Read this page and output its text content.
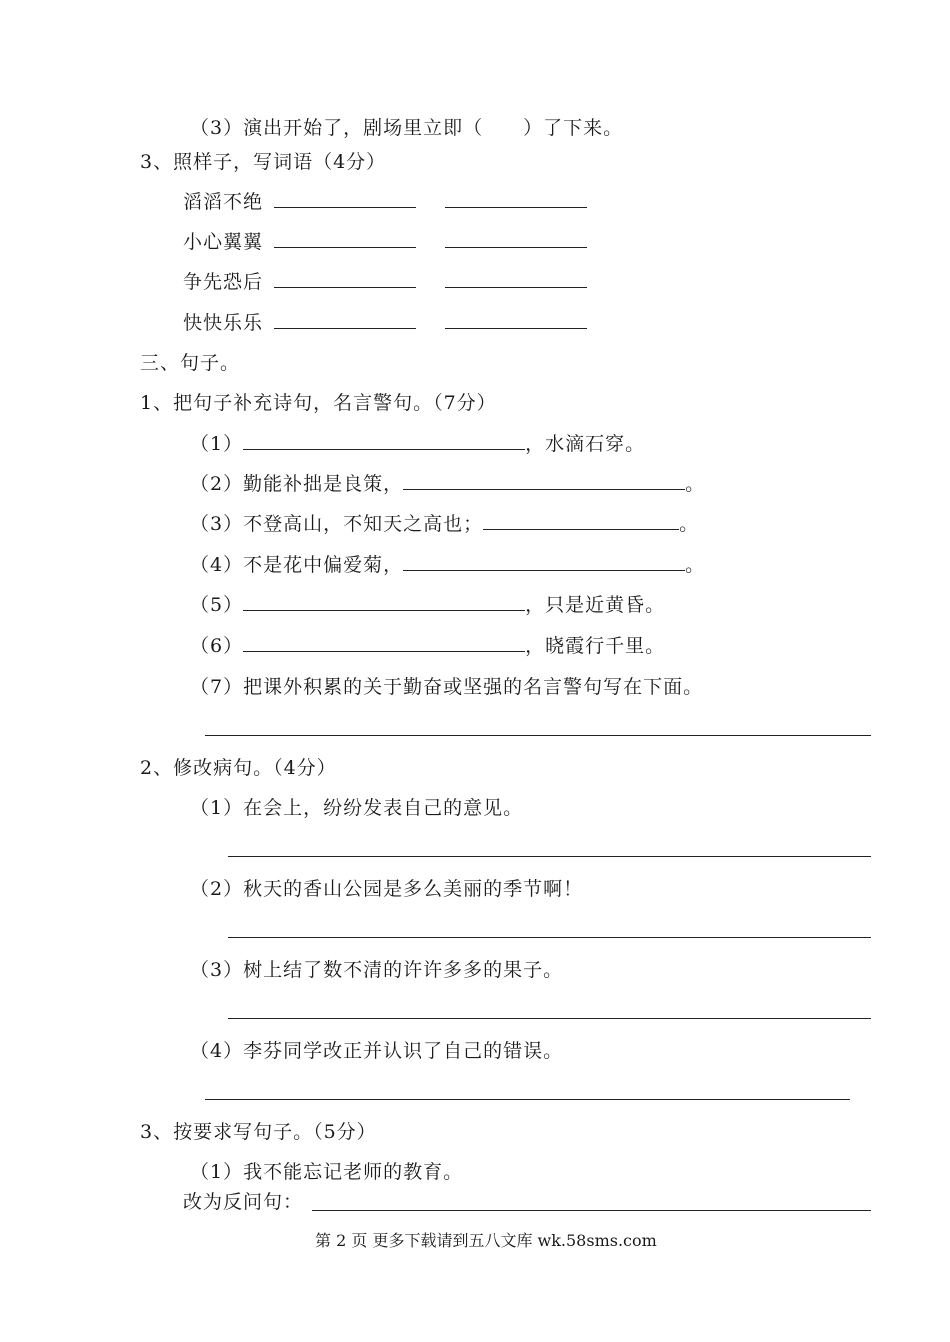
（3）演出开始了，剧场里立即（　　）了下来。
3、照样子，写词语（4分）
滔滔不绝
小心翼翼
争先恐后
快快乐乐
三、句子。
1、把句子补充诗句，名言警句。（7分）
（1）	，水滴石穿。
（2）勤能补拙是良策，	。
（3）不登高山，不知天之高也；	。
（4）不是花中偏爱菊，	。
（5）	，只是近黄昏。
（6）	，晓霞行千里。
（7）把课外积累的关于勤奋或坚强的名言警句写在下面。
2、修改病句。（4分）
（1）在会上，纷纷发表自己的意见。
（2）秋天的香山公园是多么美丽的季节啊！
（3）树上结了数不清的许许多多的果子。
（4）李芬同学改正并认识了自己的错误。
3、按要求写句子。（5分）
（1）我不能忘记老师的教育。
改为反问句：
第 2 页 更多下载请到五八文库 wk.58sms.com
